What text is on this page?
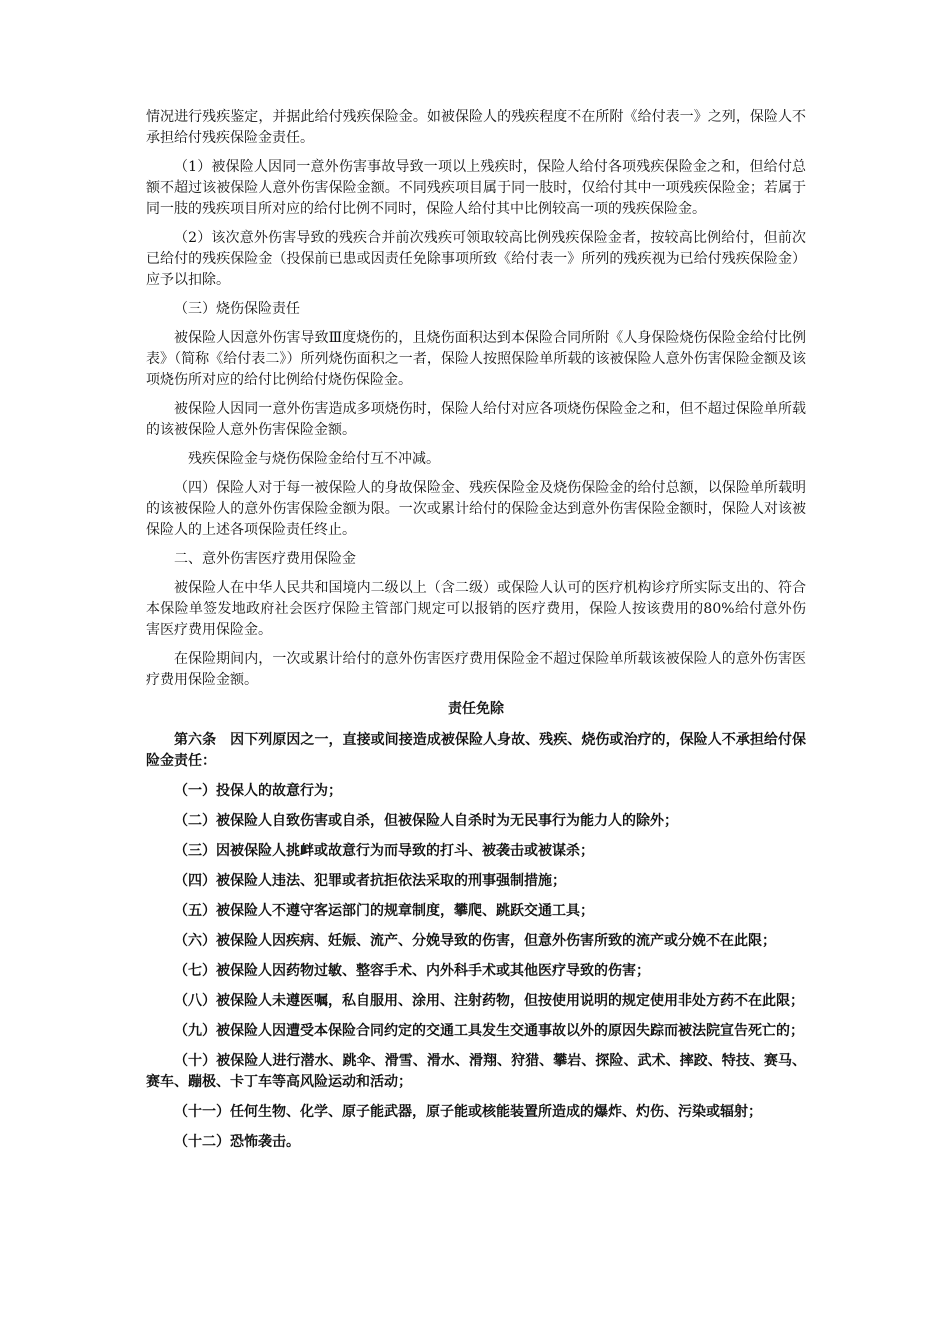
情况进行残疾鉴定，并据此给付残疾保险金。如被保险人的残疾程度不在所附《给付表一》之列，保险人不承担给付残疾保险金责任。

（1）被保险人因同一意外伤害事故导致一项以上残疾时，保险人给付各项残疾保险金之和，但给付总额不超过该被保险人意外伤害保险金额。不同残疾项目属于同一肢时，仅给付其中一项残疾保险金；若属于同一肢的残疾项目所对应的给付比例不同时，保险人给付其中比例较高一项的残疾保险金。

（2）该次意外伤害导致的残疾合并前次残疾可领取较高比例残疾保险金者，按较高比例给付，但前次已给付的残疾保险金（投保前已患或因责任免除事项所致《给付表一》所列的残疾视为已给付残疾保险金）应予以扣除。

（三）烧伤保险责任

被保险人因意外伤害导致Ⅲ度烧伤的，且烧伤面积达到本保险合同所附《人身保险烧伤保险金给付比例表》（简称《给付表二》）所列烧伤面积之一者，保险人按照保险单所载的该被保险人意外伤害保险金额及该项烧伤所对应的给付比例给付烧伤保险金。

被保险人因同一意外伤害造成多项烧伤时，保险人给付对应各项烧伤保险金之和，但不超过保险单所载的该被保险人意外伤害保险金额。

残疾保险金与烧伤保险金给付互不冲减。

（四）保险人对于每一被保险人的身故保险金、残疾保险金及烧伤保险金的给付总额，以保险单所载明的该被保险人的意外伤害保险金额为限。一次或累计给付的保险金达到意外伤害保险金额时，保险人对该被保险人的上述各项保险责任终止。

二、意外伤害医疗费用保险金

被保险人在中华人民共和国境内二级以上（含二级）或保险人认可的医疗机构诊疗所实际支出的、符合本保险单签发地政府社会医疗保险主管部门规定可以报销的医疗费用，保险人按该费用的80%给付意外伤害医疗费用保险金。

在保险期间内，一次或累计给付的意外伤害医疗费用保险金不超过保险单所载该被保险人的意外伤害医疗费用保险金额。

责任免除

第六条　因下列原因之一，直接或间接造成被保险人身故、残疾、烧伤或治疗的，保险人不承担给付保险金责任：

（一）投保人的故意行为；

（二）被保险人自致伤害或自杀，但被保险人自杀时为无民事行为能力人的除外；

（三）因被保险人挑衅或故意行为而导致的打斗、被袭击或被谋杀；

（四）被保险人违法、犯罪或者抗拒依法采取的刑事强制措施；

（五）被保险人不遵守客运部门的规章制度，攀爬、跳跃交通工具；

（六）被保险人因疾病、妊娠、流产、分娩导致的伤害，但意外伤害所致的流产或分娩不在此限；

（七）被保险人因药物过敏、整容手术、内外科手术或其他医疗导致的伤害；

（八）被保险人未遵医嘱，私自服用、涂用、注射药物，但按使用说明的规定使用非处方药不在此限；

（九）被保险人因遭受本保险合同约定的交通工具发生交通事故以外的原因失踪而被法院宣告死亡的；

（十）被保险人进行潜水、跳伞、滑雪、滑水、滑翔、狩猎、攀岩、探险、武术、摔跤、特技、赛马、赛车、蹦极、卡丁车等高风险运动和活动；

（十一）任何生物、化学、原子能武器，原子能或核能装置所造成的爆炸、灼伤、污染或辐射；

（十二）恐怖袭击。
